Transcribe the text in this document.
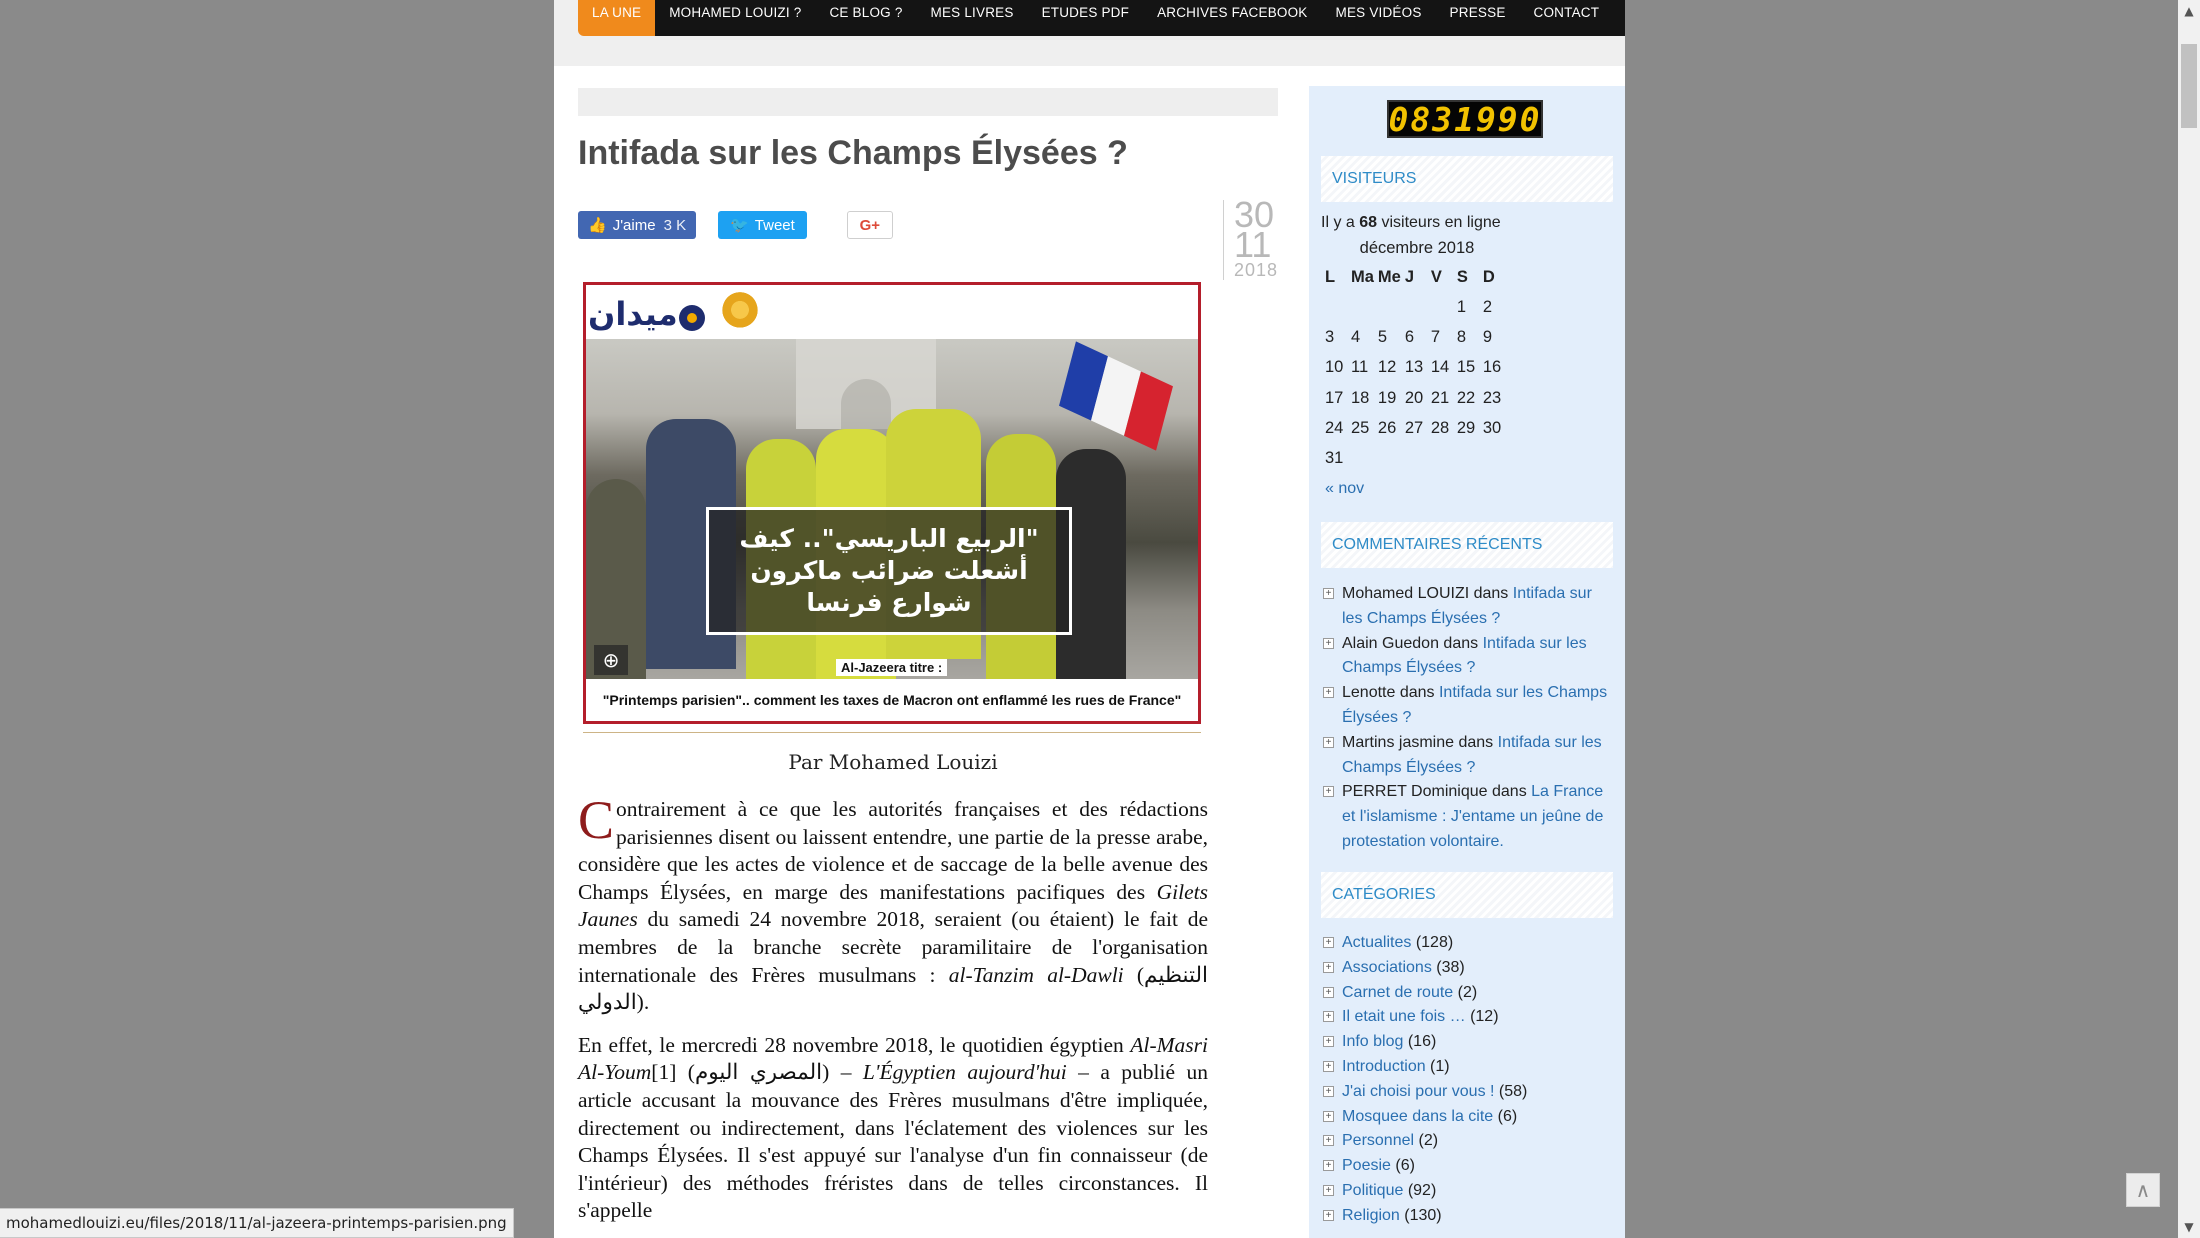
LA UNE	MOHAMED LOUIZI ?	CE BLOG ?	MES LIVRES	ETUDES PDF	ARCHIVES FACEBOOK	MES VIDÉOS	PRESSE	CONTACT
Intifada sur les Champs Élysées ?
👍 J'aime 3 K	🐦 Tweet	G+	30
11
2018
ميدان
"الربيع الباريسي".. كيف أشعلت ضرائب ماكرون شوارع فرنسا
⊕	Al-Jazeera titre :
"Printemps parisien".. comment les taxes de Macron ont enflammé les rues de France"
Par Mohamed Louizi

Contrairement à ce que les autorités françaises et des rédactions parisiennes disent ou laissent entendre, une partie de la presse arabe, considère que les actes de violence et de saccage de la belle avenue des Champs Élysées, en marge des manifestations pacifiques des Gilets Jaunes du samedi 24 novembre 2018, seraient (ou étaient) le fait de membres de la branche secrète paramilitaire de l'organisation internationale des Frères musulmans : al-Tanzim al-Dawli (التنظيم الدولي).

En effet, le mercredi 28 novembre 2018, le quotidien égyptien Al-Masri Al-Youm[1] (المصري اليوم) – L'Égyptien aujourd'hui – a publié un article accusant la mouvance des Frères musulmans d'être impliquée, directement ou indirectement, dans l'éclatement des violences sur les Champs Élysées. Il s'est appuyé sur l'analyse d'un fin connaisseur (de l'intérieur) des méthodes fréristes dans de telles circonstances. Il s'appelle

0831990
VISITEURS
Il y a 68 visiteurs en ligne
décembre 2018
L	Ma	Me	J	V	S	D
					1	2
3	4	5	6	7	8	9
10	11	12	13	14	15	16
17	18	19	20	21	22	23
24	25	26	27	28	29	30
31						
« nov
COMMENTAIRES RÉCENTS
+ Mohamed LOUIZI dans Intifada sur les Champs Élysées ?
+ Alain Guedon dans Intifada sur les Champs Élysées ?
+ Lenotte dans Intifada sur les Champs Élysées ?
+ Martins jasmine dans Intifada sur les Champs Élysées ?
+ PERRET Dominique dans La France et l'islamisme : J'entame un jeûne de protestation volontaire.
CATÉGORIES
+ Actualites (128)
+ Associations (38)
+ Carnet de route (2)
+ Il etait une fois … (12)
+ Info blog (16)
+ Introduction (1)
+ J'ai choisi pour vous ! (58)
+ Mosquee dans la cite (6)
+ Personnel (2)
+ Poesie (6)
+ Politique (92)
+ Religion (130)
mohamedlouizi.eu/files/2018/11/al-jazeera-printemps-parisien.png
▲
▼
∧
